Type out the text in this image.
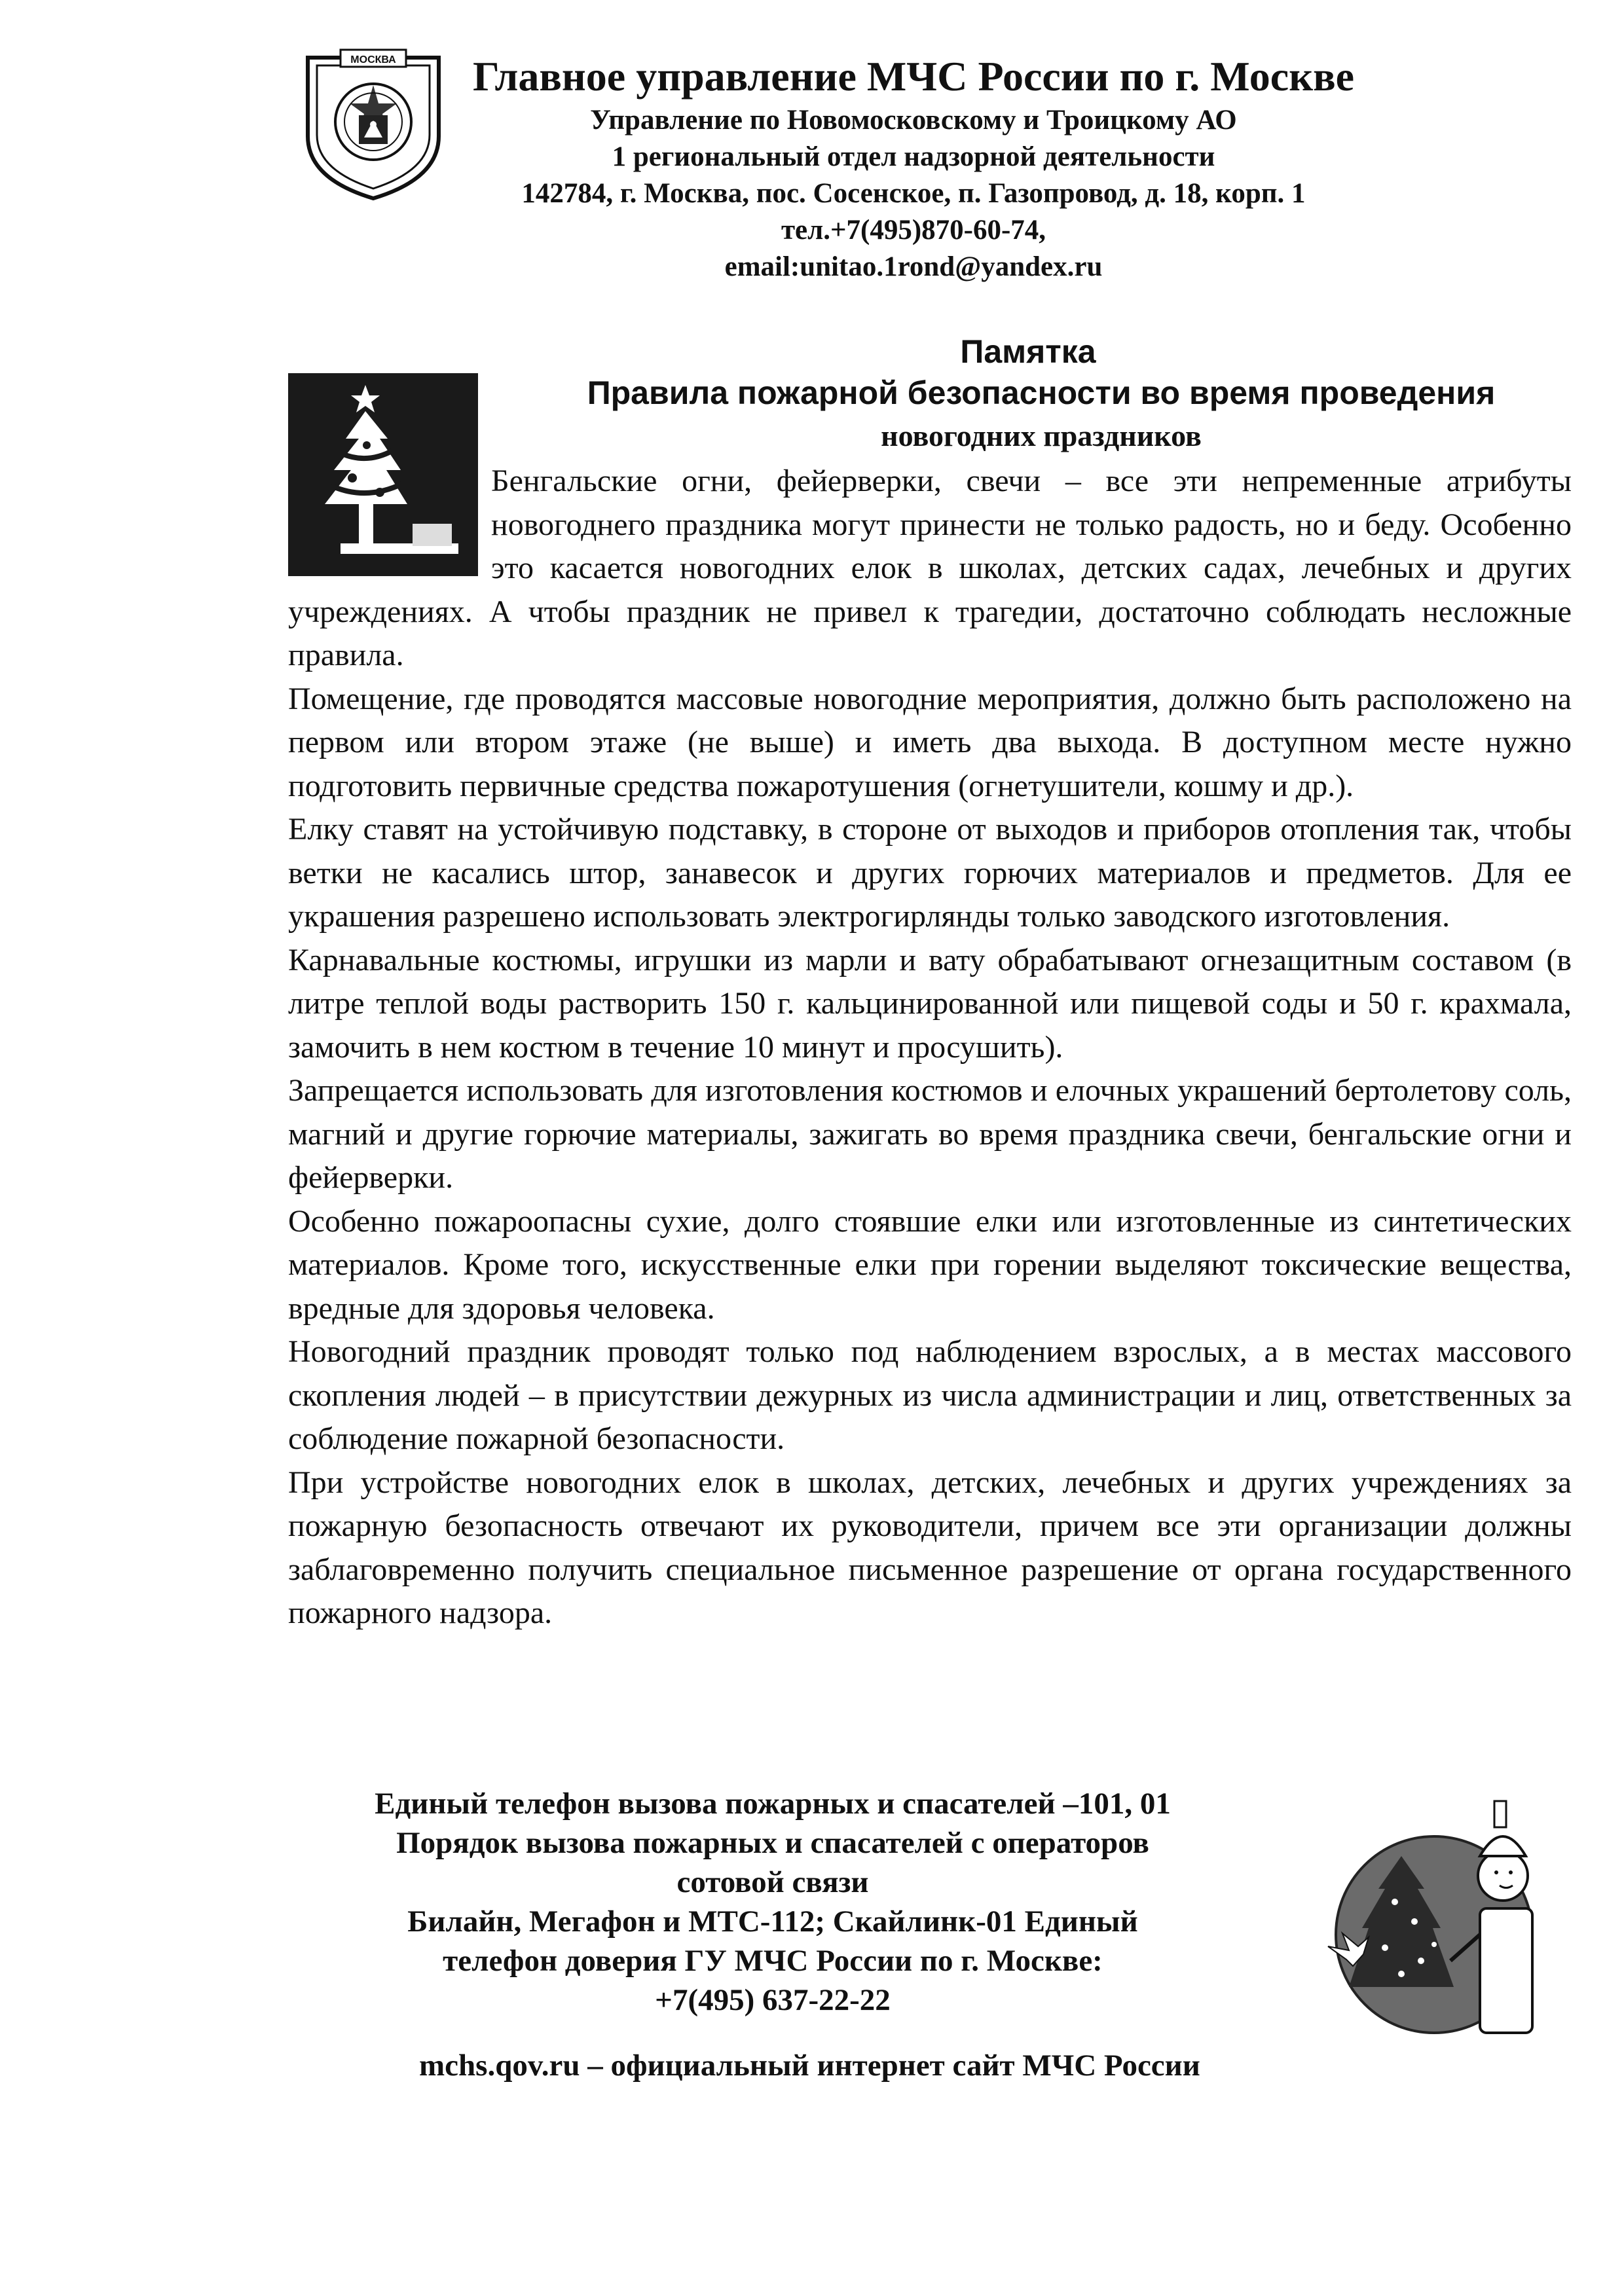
МОСКВА	Главное управление МЧС России по г. Москве
Управление по Новомосковскому и Троицкому АО
1 региональный отдел надзорной деятельности
142784, г. Москва, пос. Сосенское, п. Газопровод, д. 18, корп. 1
тел.+7(495)870-60-74,
email:unitao.1rond@yandex.ru
Памятка
Правила пожарной безопасности во время проведения
новогодних праздников

Бенгальские огни, фейерверки, свечи – все эти непременные атрибуты новогоднего праздника могут принести не только радость, но и беду. Особенно это касается новогодних елок в школах, детских садах, лечебных и других учреждениях. А чтобы праздник не привел к трагедии, достаточно соблюдать несложные правила.

Помещение, где проводятся массовые новогодние мероприятия, должно быть расположено на первом или втором этаже (не выше) и иметь два выхода. В доступном месте нужно подготовить первичные средства пожаротушения (огнетушители, кошму и др.).

Елку ставят на устойчивую подставку, в стороне от выходов и приборов отопления так, чтобы ветки не касались штор, занавесок и других горючих материалов и предметов. Для ее украшения разрешено использовать электрогирлянды только заводского изготовления.

Карнавальные костюмы, игрушки из марли и вату обрабатывают огнезащитным составом (в литре теплой воды растворить 150 г. кальцинированной или пищевой соды и 50 г. крахмала, замочить в нем костюм в течение 10 минут и просушить).

Запрещается использовать для изготовления костюмов и елочных украшений бертолетову соль, магний и другие горючие материалы, зажигать во время праздника свечи, бенгальские огни и фейерверки.

Особенно пожароопасны сухие, долго стоявшие елки или изготовленные из синтетических материалов. Кроме того, искусственные елки при горении выделяют токсические вещества, вредные для здоровья человека.

Новогодний праздник проводят только под наблюдением взрослых, а в местах массового скопления людей – в присутствии дежурных из числа администрации и лиц, ответственных за соблюдение пожарной безопасности.

При устройстве новогодних елок в школах, детских, лечебных и других учреждениях за пожарную безопасность отвечают их руководители, причем все эти организации должны заблаговременно получить специальное письменное разрешение от органа государственного пожарного надзора.

Единый телефон вызова пожарных и спасателей –101, 01

Порядок вызова пожарных и спасателей с операторов

сотовой связи

Билайн, Мегафон и МТС-112; Скайлинк-01 Единый

телефон доверия ГУ МЧС России по г. Москве:

+7(495) 637-22-22

mchs.qov.ru – официальный интернет сайт МЧС России
